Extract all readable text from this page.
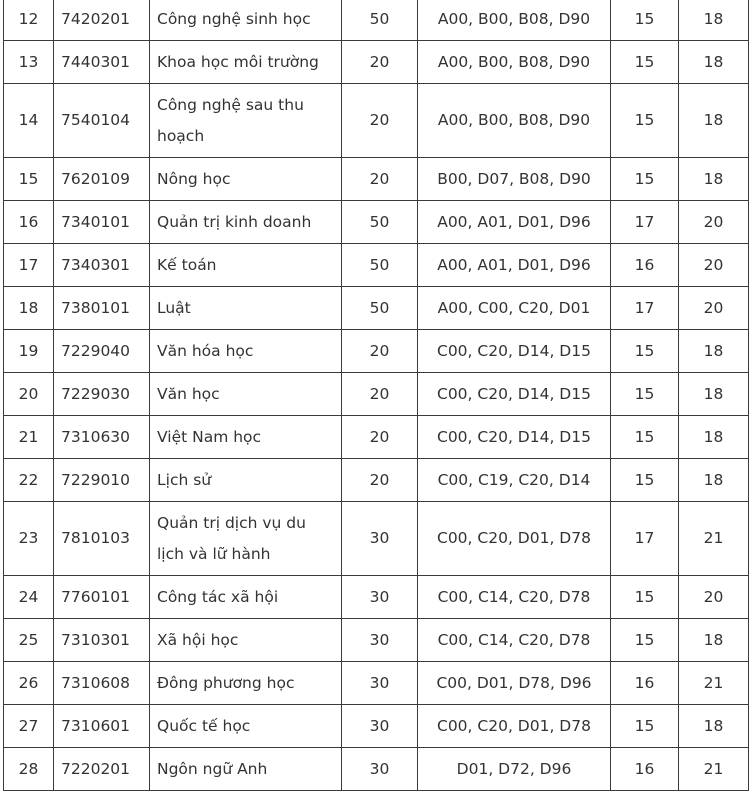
12	7420201	Công nghệ sinh học	50	A00, B00, B08, D90	15	18
13	7440301	Khoa học môi trường	20	A00, B00, B08, D90	15	18
14	7540104	Công nghệ sau thu hoạch	20	A00, B00, B08, D90	15	18
15	7620109	Nông học	20	B00, D07, B08, D90	15	18
16	7340101	Quản trị kinh doanh	50	A00, A01, D01, D96	17	20
17	7340301	Kế toán	50	A00, A01, D01, D96	16	20
18	7380101	Luật	50	A00, C00, C20, D01	17	20
19	7229040	Văn hóa học	20	C00, C20, D14, D15	15	18
20	7229030	Văn học	20	C00, C20, D14, D15	15	18
21	7310630	Việt Nam học	20	C00, C20, D14, D15	15	18
22	7229010	Lịch sử	20	C00, C19, C20, D14	15	18
23	7810103	Quản trị dịch vụ du lịch và lữ hành	30	C00, C20, D01, D78	17	21
24	7760101	Công tác xã hội	30	C00, C14, C20, D78	15	20
25	7310301	Xã hội học	30	C00, C14, C20, D78	15	18
26	7310608	Đông phương học	30	C00, D01, D78, D96	16	21
27	7310601	Quốc tế học	30	C00, C20, D01, D78	15	18
28	7220201	Ngôn ngữ Anh	30	D01, D72, D96	16	21
